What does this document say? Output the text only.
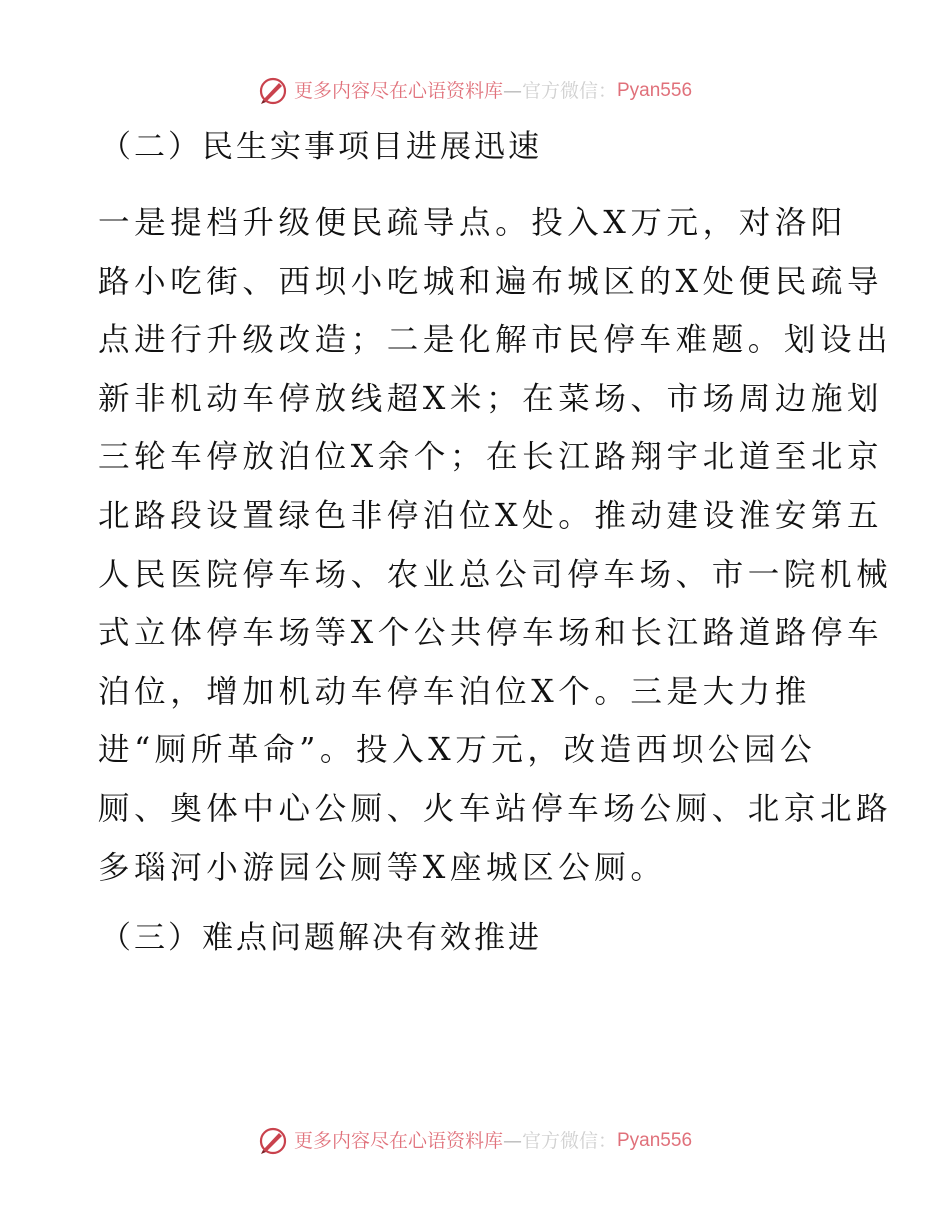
更多内容尽在心语资料库 — 官方微信： Pyan556
（二）民生实事项目进展迅速
一是提档升级便民疏导点。投入X万元，对洛阳
路小吃街、西坝小吃城和遍布城区的X处便民疏导
点进行升级改造；二是化解市民停车难题。划设出
新非机动车停放线超X米；在菜场、市场周边施划
三轮车停放泊位X余个；在长江路翔宇北道至北京
北路段设置绿色非停泊位X处。推动建设淮安第五
人民医院停车场、农业总公司停车场、市一院机械
式立体停车场等X个公共停车场和长江路道路停车
泊位，增加机动车停车泊位X个。三是大力推
进“厕所革命”。投入X万元，改造西坝公园公
厕、奥体中心公厕、火车站停车场公厕、北京北路
多瑙河小游园公厕等X座城区公厕。
（三）难点问题解决有效推进
更多内容尽在心语资料库 — 官方微信： Pyan556
